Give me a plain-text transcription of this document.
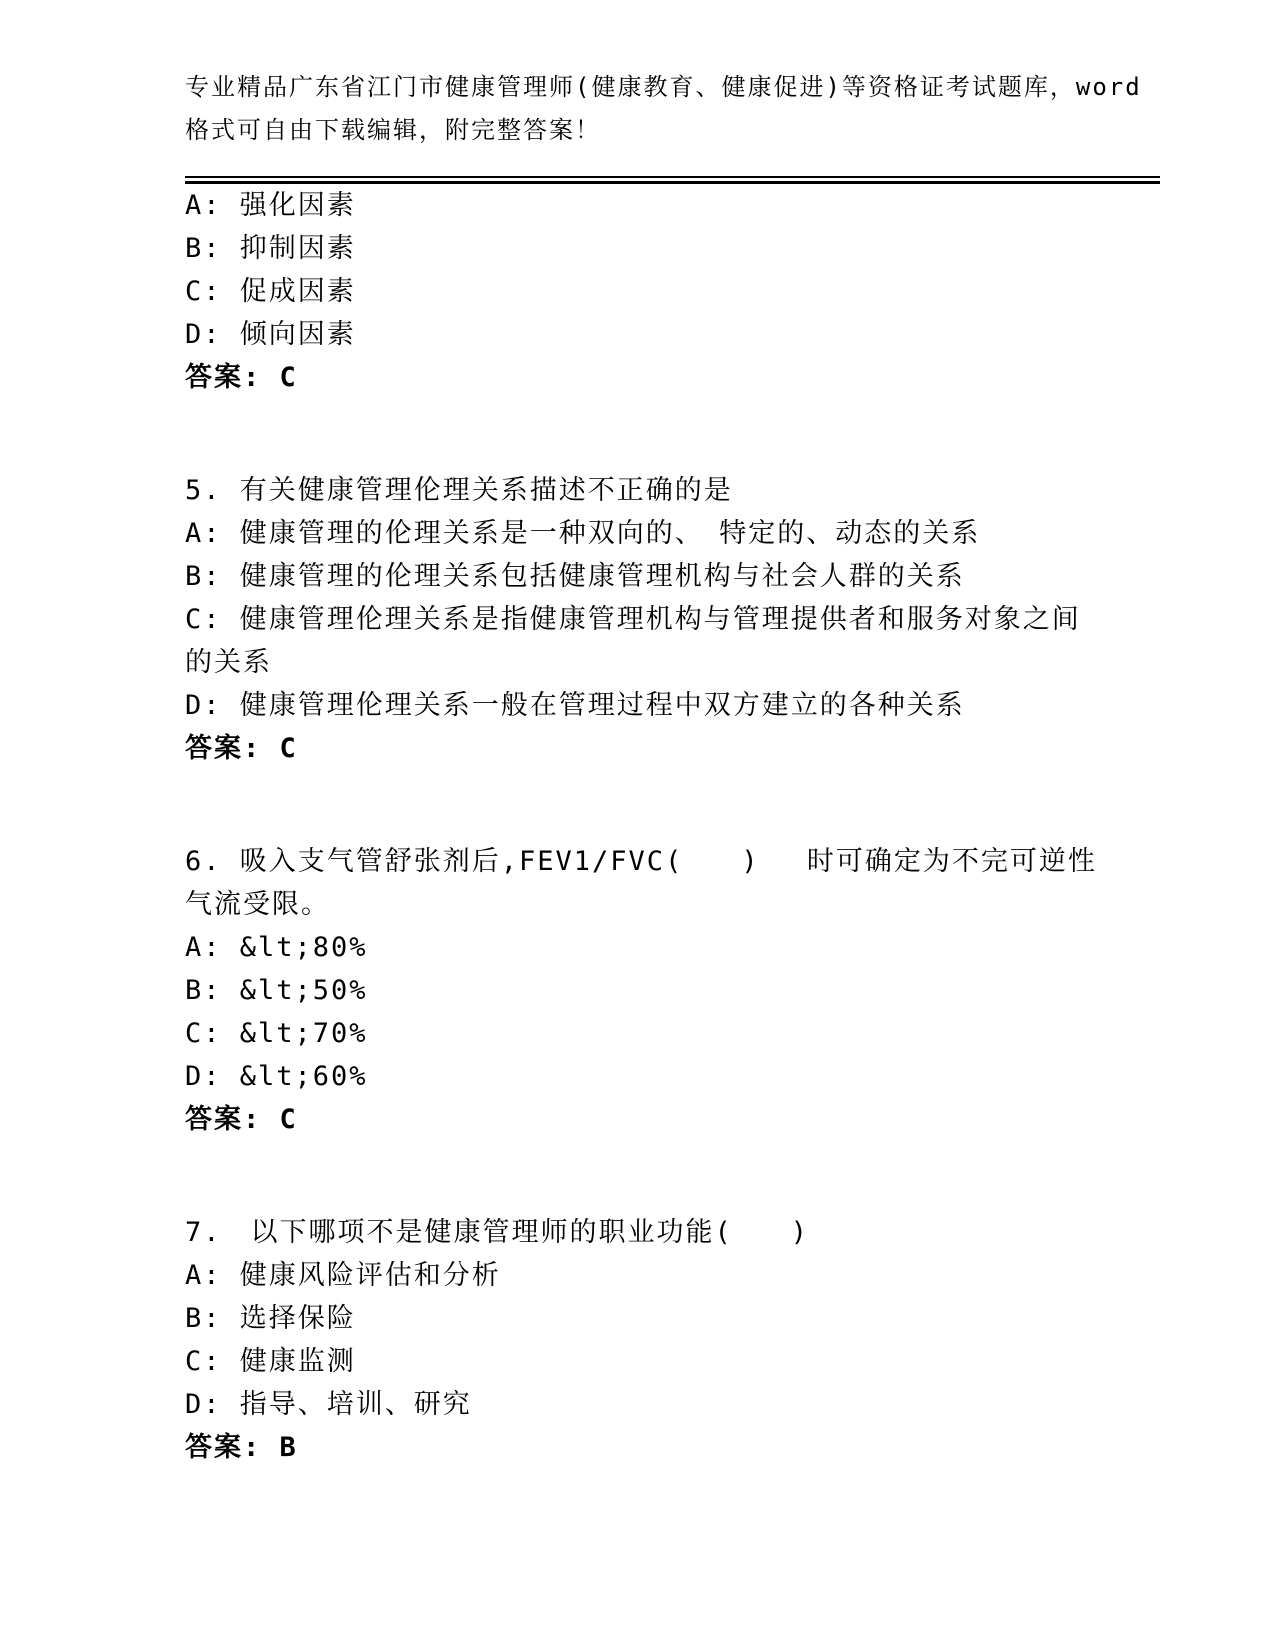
专业精品广东省江门市健康管理师(健康教育、健康促进)等资格证考试题库，word

格式可自由下载编辑，附完整答案！

A: 强化因素

B: 抑制因素

C: 促成因素

D: 倾向因素

答案: C

5. 有关健康管理伦理关系描述不正确的是

A: 健康管理的伦理关系是一种双向的、　特定的、动态的关系

B: 健康管理的伦理关系包括健康管理机构与社会人群的关系

C: 健康管理伦理关系是指健康管理机构与管理提供者和服务对象之间的关系

D: 健康管理伦理关系一般在管理过程中双方建立的各种关系

答案: C

6. 吸入支气管舒张剂后,FEV1/FVC(　　)　 时可确定为不完可逆性气流受限。

A: &lt;80%

B: &lt;50%

C: &lt;70%

D: &lt;60%

答案: C

7.　以下哪项不是健康管理师的职业功能(　　)

A: 健康风险评估和分析

B: 选择保险

C: 健康监测

D: 指导、培训、研究

答案: B
